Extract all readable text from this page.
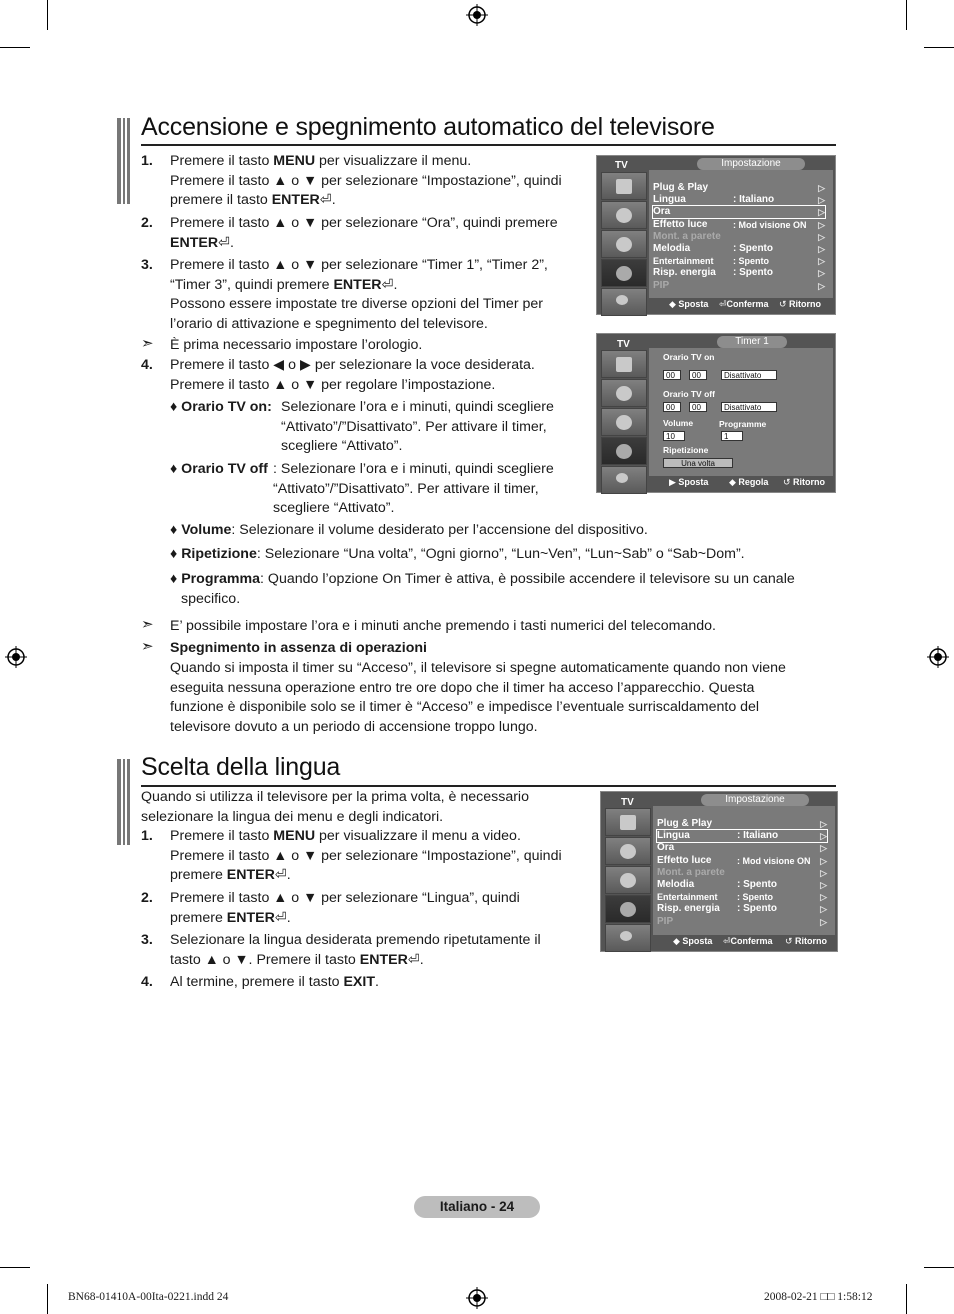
Accensione e spegnimento automatico del televisore
1. Premere il tasto MENU per visualizzare il menu.
Premere il tasto ▲ o ▼ per selezionare “Impostazione”, quindi
premere il tasto ENTER⏎.
2. Premere il tasto ▲ o ▼ per selezionare “Ora”, quindi premere
ENTER⏎.
3. Premere il tasto ▲ o ▼ per selezionare “Timer 1”, “Timer 2”,
“Timer 3”, quindi premere ENTER⏎.
Possono essere impostate tre diverse opzioni del Timer per
l’orario di attivazione e spegnimento del televisore.
➣ È prima necessario impostare l’orologio.
4. Premere il tasto ◀ o ▶ per selezionare la voce desiderata.
Premere il tasto ▲ o ▼ per regolare l’impostazione.
♦ Orario TV on: Selezionare l’ora e i minuti, quindi scegliere
“Attivato”/”Disattivato”. Per attivare il timer,
scegliere “Attivato”.
♦ Orario TV off : Selezionare l’ora e i minuti, quindi scegliere
“Attivato”/”Disattivato”. Per attivare il timer,
scegliere “Attivato”.
♦ Volume: Selezionare il volume desiderato per l’accensione del dispositivo.
♦ Ripetizione: Selezionare “Una volta”, “Ogni giorno”, “Lun~Ven”, “Lun~Sab” o “Sab~Dom”.
♦ Programma: Quando l’opzione On Timer è attiva, è possibile accendere il televisore su un canale
specifico.
➣ E’ possibile impostare l’ora e i minuti anche premendo i tasti numerici del telecomando.
➣ Spegnimento in assenza di operazioni
Quando si imposta il timer su “Acceso”, il televisore si spegne automaticamente quando non viene
eseguita nessuna operazione entro tre ore dopo che il timer ha acceso l’apparecchio. Questa
funzione è disponibile solo se il timer è “Acceso” e impedisce l’eventuale surriscaldamento del
televisore dovuto a un periodo di accensione troppo lungo.
TV	Impostazione
Plug & Play	▷
Lingua	: Italiano	▷
Ora	▷
Effetto luce	: Mod visione ON ▷
Mont. a parete	▷
Melodia	: Spento	▷
Entertainment : Spento	▷
Risp. energia : Spento	▷
PIP	▷
◆ Sposta ⏎Conferma ↺ Ritorno
TV	Timer 1
Orario TV on
00	00	Disattivato
Orario TV off
00	00	Disattivato
Volume
10
Programme
1
Ripetizione
Una volta
▶ Sposta ◆ Regola ↺ Ritorno
Scelta della lingua
Quando si utilizza il televisore per la prima volta, è necessario
selezionare la lingua dei menu e degli indicatori.
1. Premere il tasto MENU per visualizzare il menu a video.
Premere il tasto ▲ o ▼ per selezionare “Impostazione”, quindi
premere ENTER⏎.
2. Premere il tasto ▲ o ▼ per selezionare “Lingua”, quindi
premere ENTER⏎.
3. Selezionare la lingua desiderata premendo ripetutamente il
tasto ▲ o ▼. Premere il tasto ENTER⏎.
4. Al termine, premere il tasto EXIT.
TV	Impostazione
Plug & Play	▷
Lingua	: Italiano	▷
Ora	▷
Effetto luce	: Mod visione ON ▷
Mont. a parete	▷
Melodia	: Spento	▷
Entertainment : Spento	▷
Risp. energia : Spento	▷
PIP	▷
◆ Sposta ⏎Conferma ↺ Ritorno
Italiano - 24
BN68-01410A-00Ita-0221.indd 24	2008-02-21 □□ 1:58:12
